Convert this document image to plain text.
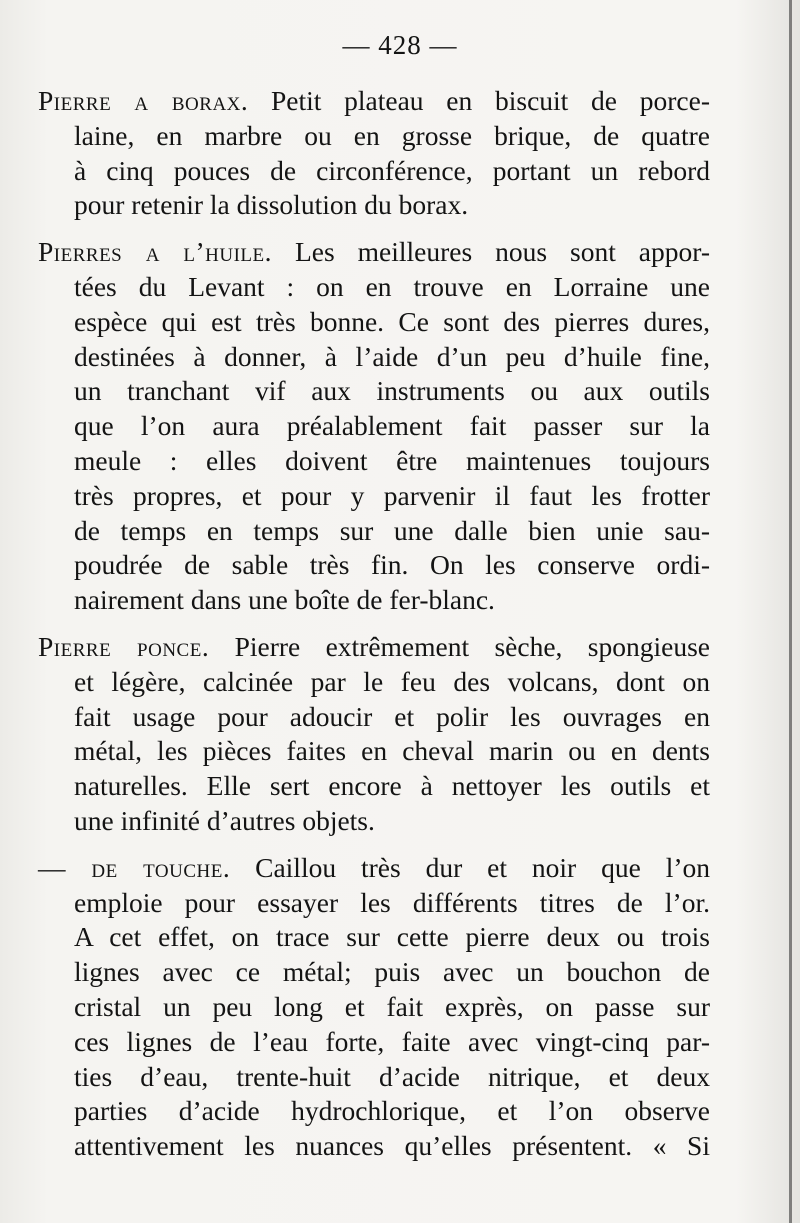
— 428 —
Pierre a borax. Petit plateau en biscuit de porce-
laine, en marbre ou en grosse brique, de quatre
à cinq pouces de circonférence, portant un rebord
pour retenir la dissolution du borax.
Pierres a l’huile. Les meilleures nous sont appor-
tées du Levant : on en trouve en Lorraine une
espèce qui est très bonne. Ce sont des pierres dures,
destinées à donner, à l’aide d’un peu d’huile fine,
un tranchant vif aux instruments ou aux outils
que l’on aura préalablement fait passer sur la
meule : elles doivent être maintenues toujours
très propres, et pour y parvenir il faut les frotter
de temps en temps sur une dalle bien unie sau-
poudrée de sable très fin. On les conserve ordi-
nairement dans une boîte de fer-blanc.
Pierre ponce. Pierre extrêmement sèche, spongieuse
et légère, calcinée par le feu des volcans, dont on
fait usage pour adoucir et polir les ouvrages en
métal, les pièces faites en cheval marin ou en dents
naturelles. Elle sert encore à nettoyer les outils et
une infinité d’autres objets.
— de touche. Caillou très dur et noir que l’on
emploie pour essayer les différents titres de l’or.
A cet effet, on trace sur cette pierre deux ou trois
lignes avec ce métal; puis avec un bouchon de
cristal un peu long et fait exprès, on passe sur
ces lignes de l’eau forte, faite avec vingt-cinq par-
ties d’eau, trente-huit d’acide nitrique, et deux
parties d’acide hydrochlorique, et l’on observe
attentivement les nuances qu’elles présentent. « Si
